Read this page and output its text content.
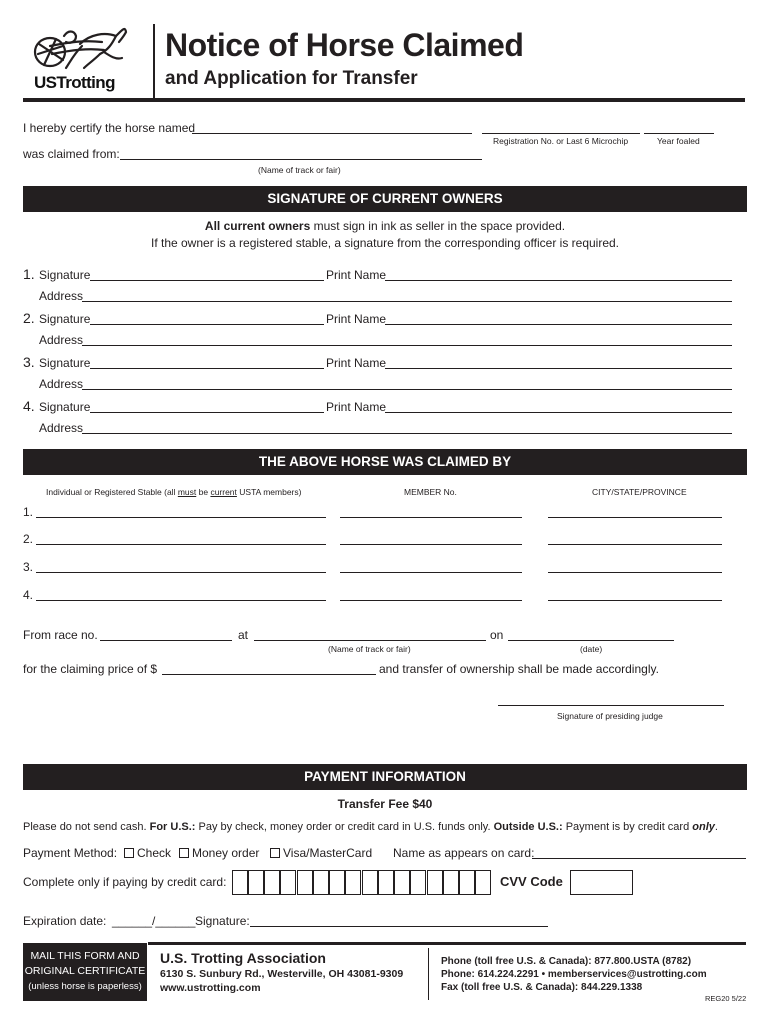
USTrotting
Notice of Horse Claimed
and Application for Transfer
I hereby certify the horse named
Registration No. or Last 6 Microchip	Year foaled
was claimed from:
(Name of track or fair)
SIGNATURE OF CURRENT OWNERS
All current owners must sign in ink as seller in the space provided.
If the owner is a registered stable, a signature from the corresponding officer is required.
1. Signature	Print Name
Address
2. Signature	Print Name
Address
3. Signature	Print Name
Address
4. Signature	Print Name
Address
THE ABOVE HORSE WAS CLAIMED BY
Individual or Registered Stable (all must be current USTA members)	MEMBER No.	CITY/STATE/PROVINCE
1.
2.
3.
4.
From race no.	at	on
(Name of track or fair)	(date)
for the claiming price of $	and transfer of ownership shall be made accordingly.
Signature of presiding judge
PAYMENT INFORMATION
Transfer Fee $40
Please do not send cash. For U.S.: Pay by check, money order or credit card in U.S. funds only. Outside U.S.: Payment is by credit card only.
Payment Method:	Check	Money order	Visa/MasterCard Name as appears on card:
Complete only if paying by credit card:	CVV Code
Expiration date: ______/______ Signature:
MAIL THIS FORM AND
ORIGINAL CERTIFICATE
(unless horse is paperless)
U.S. Trotting Association
6130 S. Sunbury Rd., Westerville, OH 43081-9309
www.ustrotting.com
Phone (toll free U.S. & Canada): 877.800.USTA (8782)
Phone: 614.224.2291 • memberservices@ustrotting.com
Fax (toll free U.S. & Canada): 844.229.1338
REG20 5/22
